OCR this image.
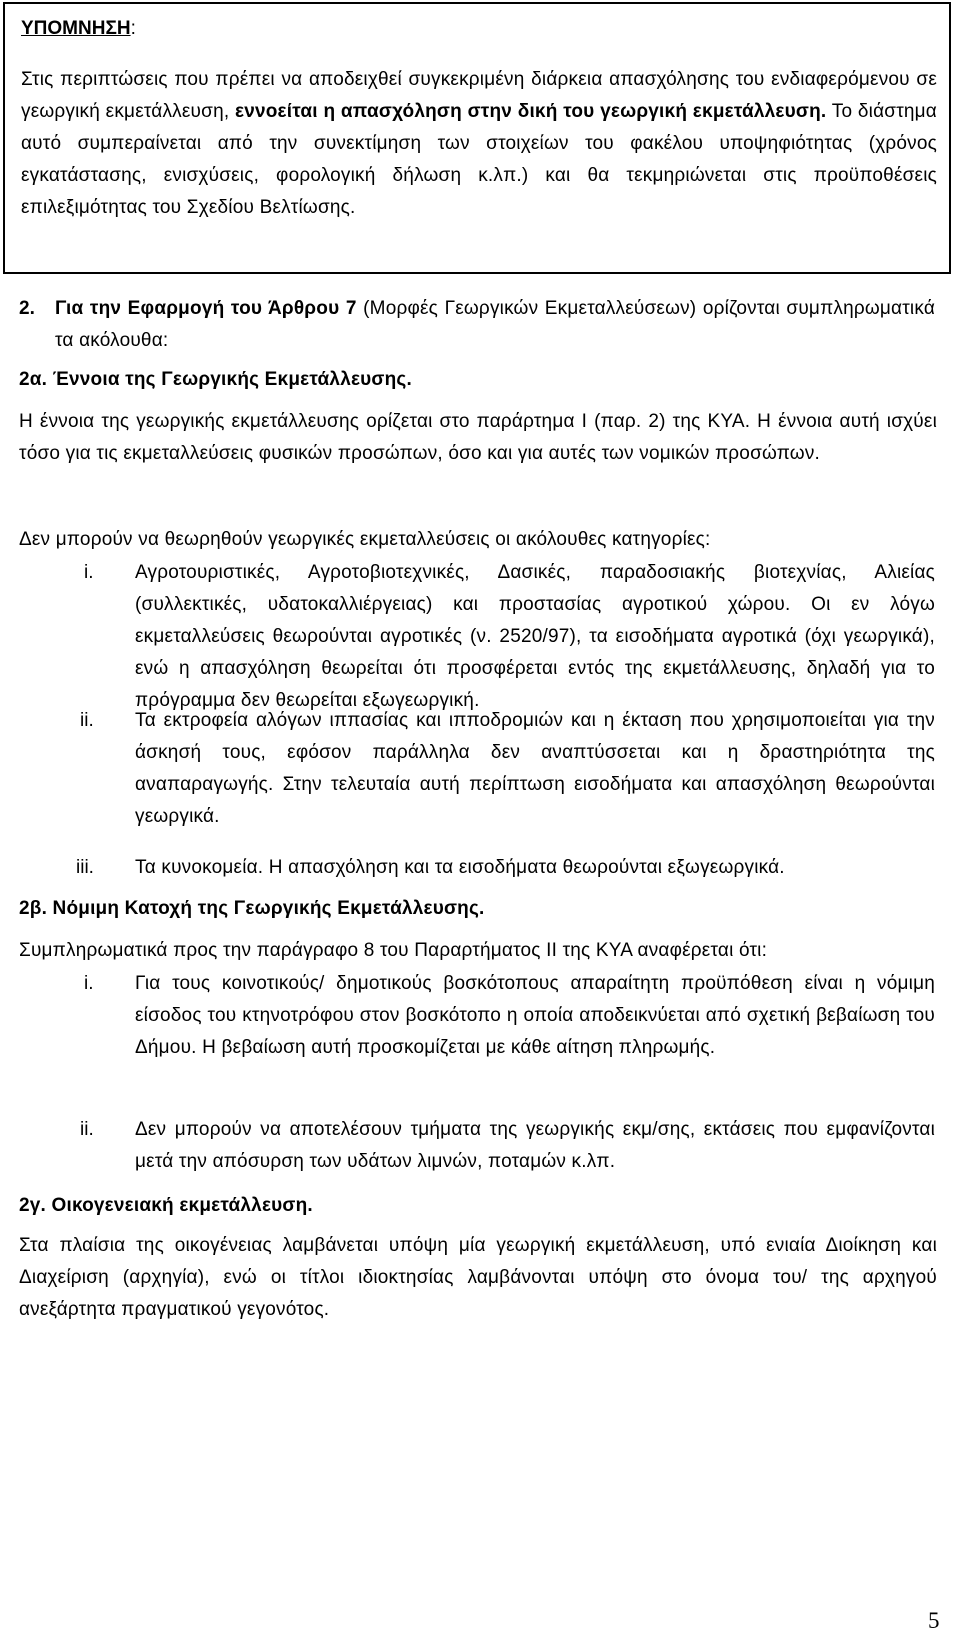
ΥΠΟΜΝΗΣΗ:
Στις περιπτώσεις που πρέπει να αποδειχθεί συγκεκριμένη διάρκεια απασχόλησης του ενδιαφερόμενου σε γεωργική εκμετάλλευση, εννοείται η απασχόληση στην δική του γεωργική εκμετάλλευση. Το διάστημα αυτό συμπεραίνεται από την συνεκτίμηση των στοιχείων του φακέλου υποψηφιότητας (χρόνος εγκατάστασης, ενισχύσεις, φορολογική δήλωση κ.λπ.) και θα τεκμηριώνεται στις προϋποθέσεις επιλεξιμότητας του Σχεδίου Βελτίωσης.
2. Για την Εφαρμογή του Άρθρου 7 (Μορφές Γεωργικών Εκμεταλλεύσεων) ορίζονται συμπληρωματικά τα ακόλουθα:
2α. Έννοια της Γεωργικής Εκμετάλλευσης.
Η έννοια της γεωργικής εκμετάλλευσης ορίζεται στο παράρτημα Ι (παρ. 2) της ΚΥΑ. Η έννοια αυτή ισχύει τόσο για τις εκμεταλλεύσεις φυσικών προσώπων, όσο και για αυτές των νομικών προσώπων.
Δεν μπορούν να θεωρηθούν γεωργικές εκμεταλλεύσεις οι ακόλουθες κατηγορίες:
i. Αγροτουριστικές, Αγροτοβιοτεχνικές, Δασικές, παραδοσιακής βιοτεχνίας, Αλιείας (συλλεκτικές, υδατοκαλλιέργειας) και προστασίας αγροτικού χώρου. Οι εν λόγω εκμεταλλεύσεις θεωρούνται αγροτικές (ν. 2520/97), τα εισοδήματα αγροτικά (όχι γεωργικά), ενώ η απασχόληση θεωρείται ότι προσφέρεται εντός της εκμετάλλευσης, δηλαδή για το πρόγραμμα δεν θεωρείται εξωγεωργική.
ii. Τα εκτροφεία αλόγων ιππασίας και ιπποδρομιών και η έκταση που χρησιμοποιείται για την άσκησή τους, εφόσον παράλληλα δεν αναπτύσσεται και η δραστηριότητα της αναπαραγωγής. Στην τελευταία αυτή περίπτωση εισοδήματα και απασχόληση θεωρούνται γεωργικά.
iii. Τα κυνοκομεία. Η απασχόληση και τα εισοδήματα θεωρούνται εξωγεωργικά.
2β. Νόμιμη Κατοχή της Γεωργικής Εκμετάλλευσης.
Συμπληρωματικά προς την παράγραφο 8 του Παραρτήματος ΙΙ της ΚΥΑ αναφέρεται ότι:
i. Για τους κοινοτικούς/ δημοτικούς βοσκότοπους απαραίτητη προϋπόθεση είναι η νόμιμη είσοδος του κτηνοτρόφου στον βοσκότοπο η οποία αποδεικνύεται από σχετική βεβαίωση του Δήμου. Η βεβαίωση αυτή προσκομίζεται με κάθε αίτηση πληρωμής.
ii. Δεν μπορούν να αποτελέσουν τμήματα της γεωργικής εκμ/σης, εκτάσεις που εμφανίζονται μετά την απόσυρση των υδάτων λιμνών, ποταμών κ.λπ.
2γ. Οικογενειακή εκμετάλλευση.
Στα πλαίσια της οικογένειας λαμβάνεται υπόψη μία γεωργική εκμετάλλευση, υπό ενιαία Διοίκηση και Διαχείριση (αρχηγία), ενώ οι τίτλοι ιδιοκτησίας λαμβάνονται υπόψη στο όνομα του/ της αρχηγού ανεξάρτητα πραγματικού γεγονότος.
5
